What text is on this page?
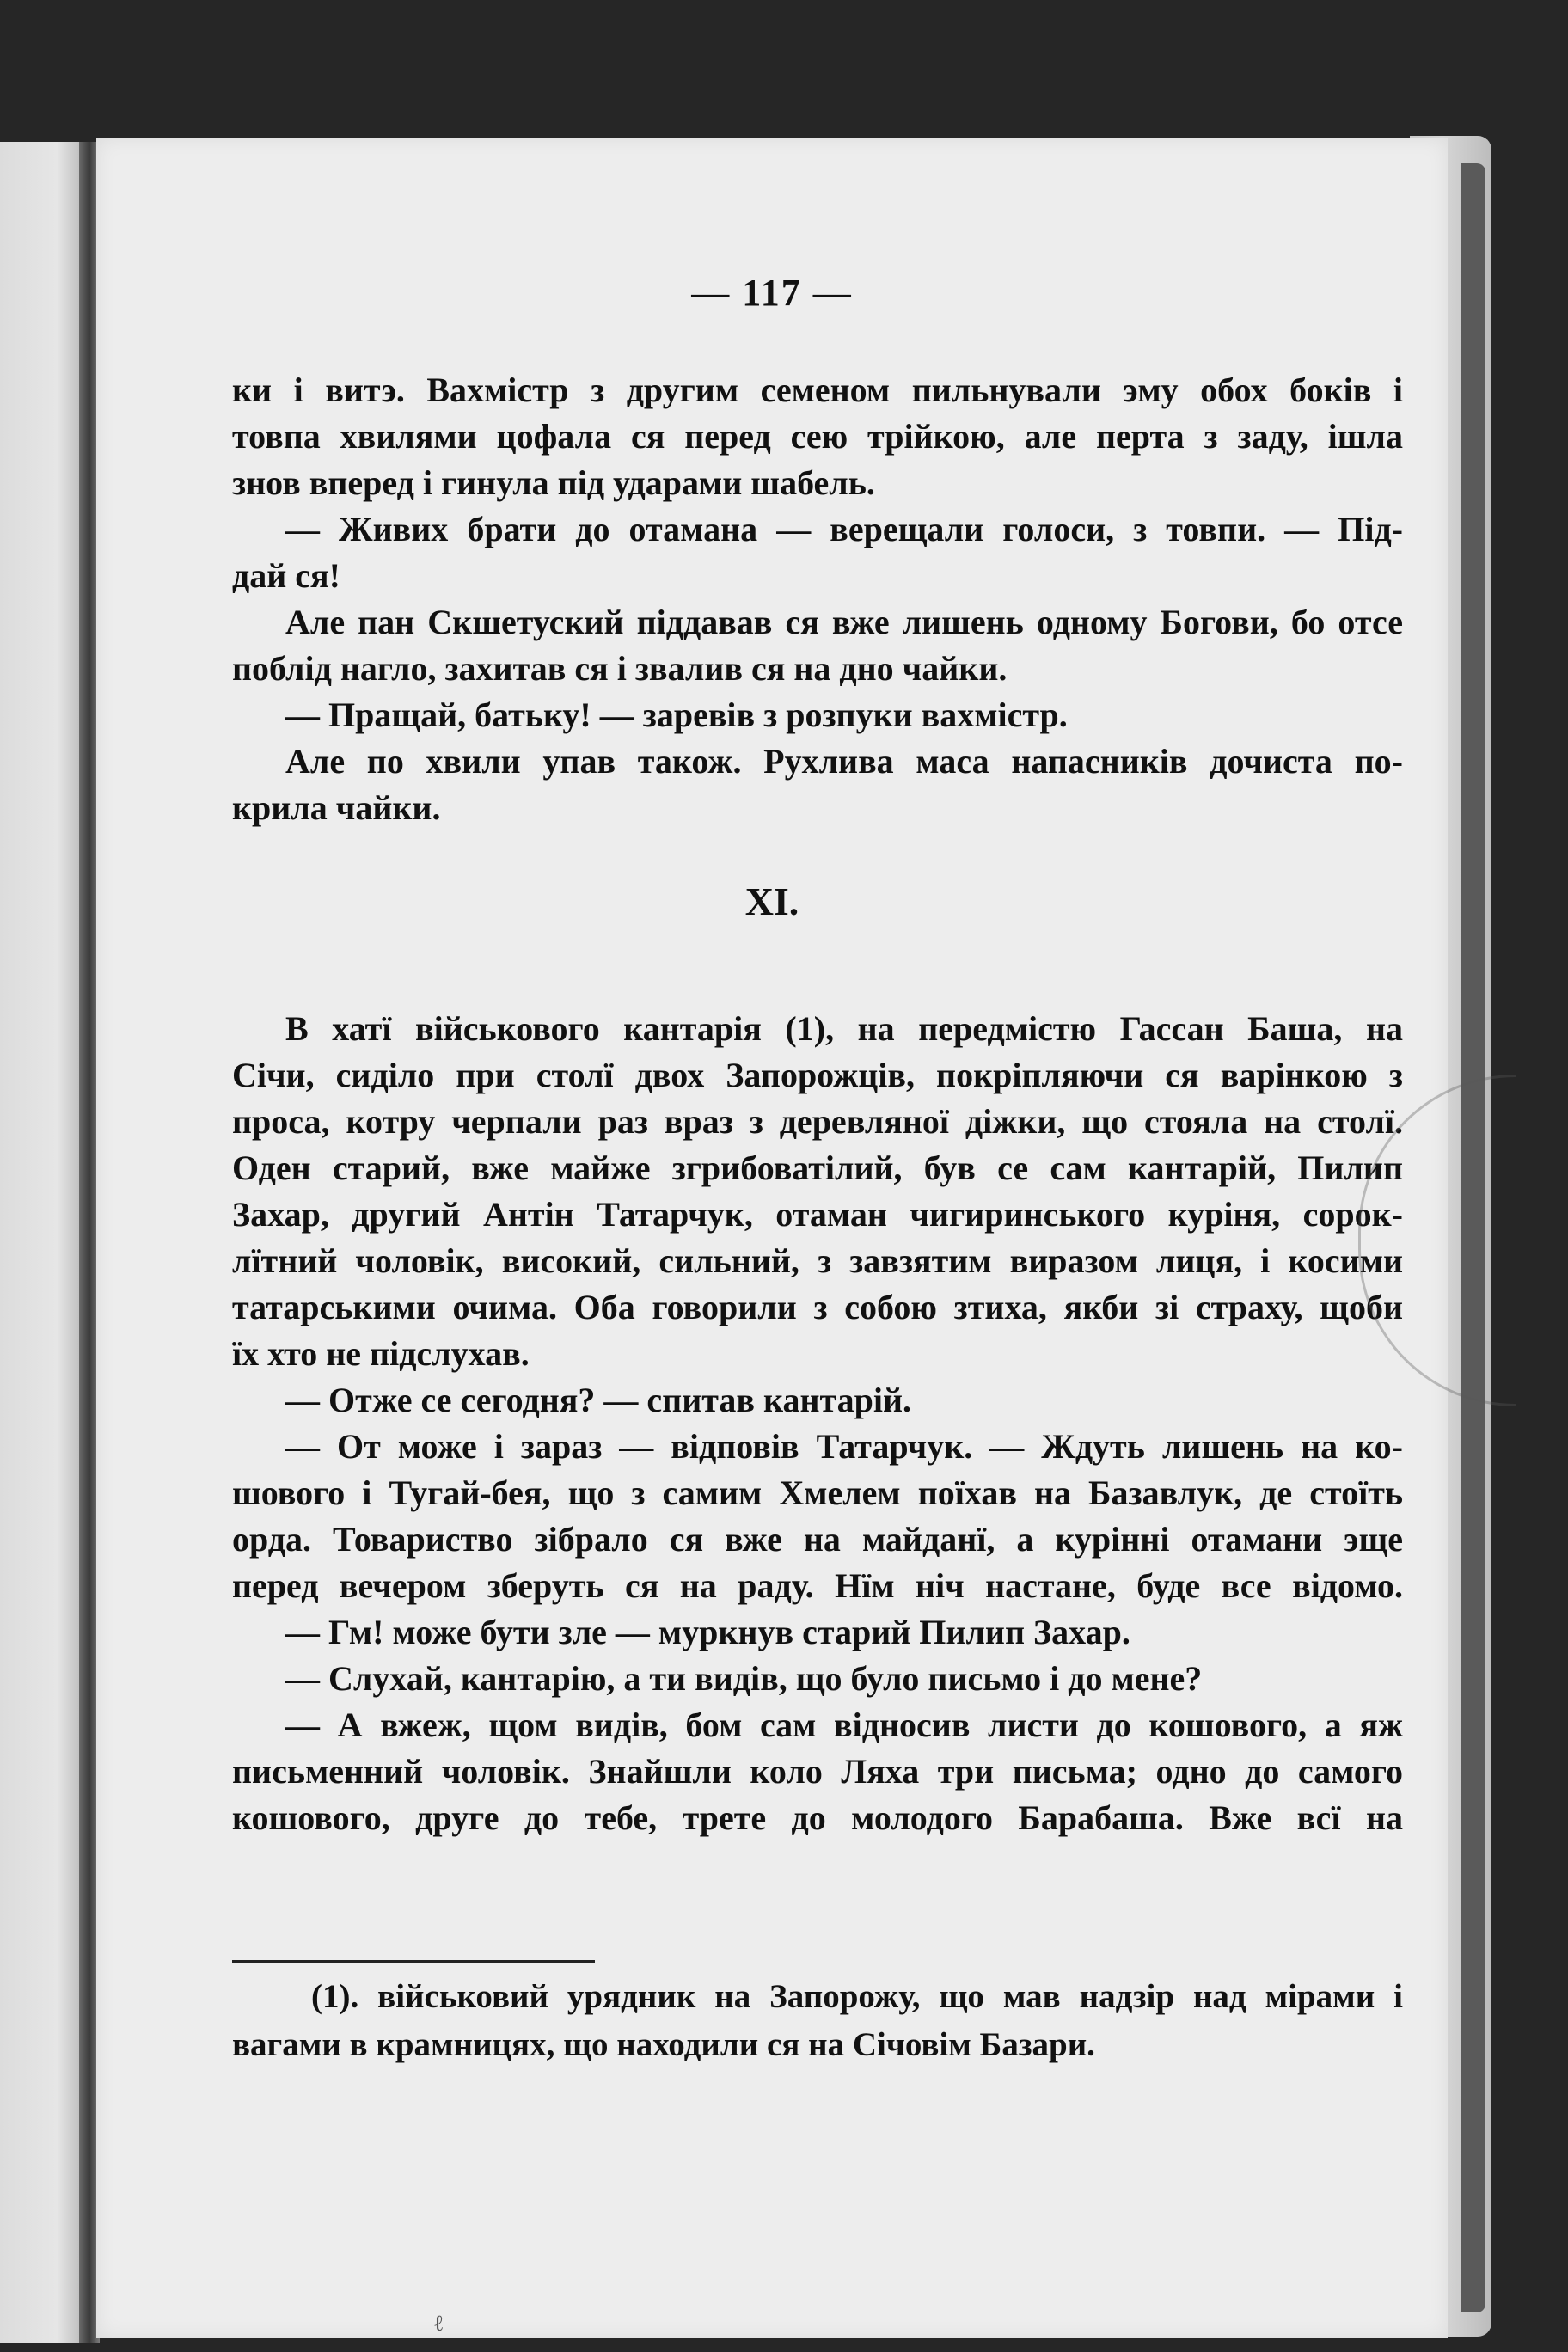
— 117 —
ки і витэ. Вахмістр з другим семеном пильнували эму обох боків і
товпа хвилями цофала ся перед сею трійкою, але перта з заду, ішла
знов вперед і гинула під ударами шабель.
— Живих брати до отамана — верещали голоси, з товпи. — Під-
дай ся!
Але пан Скшетуский піддавав ся вже лишень одному Богови, бо отсе
поблід нагло, захитав ся і звалив ся на дно чайки.
— Пращай, батьку! — заревів з розпуки вахмістр.
Але по хвили упав також. Рухлива маса напасників дочиста по-
крила чайки.
XI.
В хатї військового кантарія (1), на передмістю Гассан Баша, на
Січи, сиділо при столї двох Запорожців, покріпляючи ся варінкою з
проса, котру черпали раз враз з деревляної діжки, що стояла на столї.
Оден старий, вже майже згрибоватілий, був се сам кантарій, Пилип
Захар, другий Антін Татарчук, отаман чигиринського куріня, сорок-
лїтний чоловік, високий, сильний, з завзятим виразом лиця, і косими
татарськими очима. Оба говорили з собою зтиха, якби зі страху, щоби
їх хто не підслухав.
— Отже се сегодня? — спитав кантарій.
— От може і зараз — відповів Татарчук. — Ждуть лишень на ко-
шового і Тугай-бея, що з самим Хмелем поїхав на Базавлук, де стоїть
орда. Товариство зібрало ся вже на майданї, а курінні отамани эще
перед вечером зберуть ся на раду. Нїм ніч настане, буде все відомо.
— Гм! може бути зле — муркнув старий Пилип Захар.
— Слухай, кантарію, а ти видів, що було письмо і до мене?
— А вжеж, щом видів, бом сам відносив листи до кошового, а яж
письменний чоловік. Знайшли коло Ляха три письма; одно до самого
кошового, друге до тебе, трете до молодого Барабаша. Вже всї на
(1). військовий урядник на Запорожу, що мав надзір над мірами і
вагами в крамницях, що находили ся на Січовім Базари.
ℓ
